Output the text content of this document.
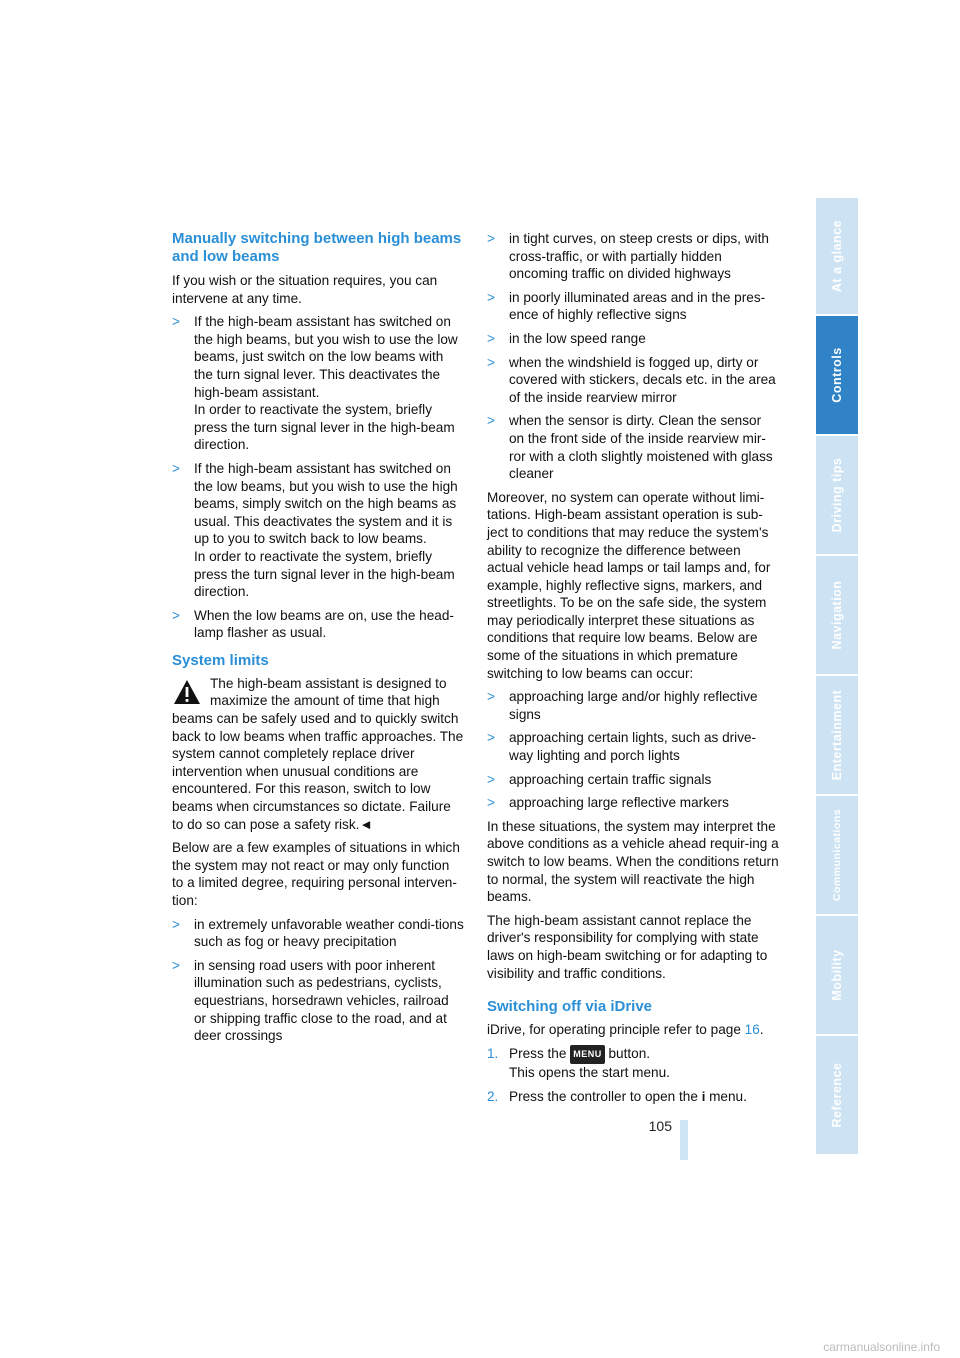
Manually switching between high beams and low beams

If you wish or the situation requires, you can intervene at any time.

> If the high-beam assistant has switched on the high beams, but you wish to use the low beams, just switch on the low beams with the turn signal lever. This deactivates the high-beam assistant.
In order to reactivate the system, briefly press the turn signal lever in the high-beam direction.
> If the high-beam assistant has switched on the low beams, but you wish to use the high beams, simply switch on the high beams as usual. This deactivates the system and it is up to you to switch back to low beams.
In order to reactivate the system, briefly press the turn signal lever in the high-beam direction.
> When the low beams are on, use the head-lamp flasher as usual.
System limits
The high-beam assistant is designed to maximize the amount of time that high beams can be safely used and to quickly switch back to low beams when traffic approaches. The system cannot completely replace driver intervention when unusual conditions are encountered. For this reason, switch to low beams when circumstances so dictate. Failure to do so can pose a safety risk.◄

Below are a few examples of situations in which the system may not react or may only function to a limited degree, requiring personal interven-tion:

> in extremely unfavorable weather condi-tions such as fog or heavy precipitation
> in sensing road users with poor inherent illumination such as pedestrians, cyclists, equestrians, horsedrawn vehicles, railroad or shipping traffic close to the road, and at deer crossings
> in tight curves, on steep crests or dips, with cross-traffic, or with partially hidden oncoming traffic on divided highways
> in poorly illuminated areas and in the pres-ence of highly reflective signs
> in the low speed range
> when the windshield is fogged up, dirty or covered with stickers, decals etc. in the area of the inside rearview mirror
> when the sensor is dirty. Clean the sensor on the front side of the inside rearview mir-ror with a cloth slightly moistened with glass cleaner

Moreover, no system can operate without limi-tations. High-beam assistant operation is sub-ject to conditions that may reduce the system's ability to recognize the difference between actual vehicle head lamps or tail lamps and, for example, highly reflective signs, markers, and streetlights. To be on the safe side, the system may periodically interpret these situations as conditions that require low beams. Below are some of the situations in which premature switching to low beams can occur:

> approaching large and/or highly reflective signs
> approaching certain lights, such as drive-way lighting and porch lights
> approaching certain traffic signals
> approaching large reflective markers

In these situations, the system may interpret the above conditions as a vehicle ahead requir-ing a switch to low beams. When the conditions return to normal, the system will reactivate the high beams.

The high-beam assistant cannot replace the driver's responsibility for complying with state laws on high-beam switching or for adapting to visibility and traffic conditions.

Switching off via iDrive

iDrive, for operating principle refer to page 16.

1. Press the MENU button.
This opens the start menu.
2. Press the controller to open the i menu.
105
At a glance
Controls
Driving tips
Navigation
Entertainment
Communications
Mobility
Reference
carmanualsonline.info
